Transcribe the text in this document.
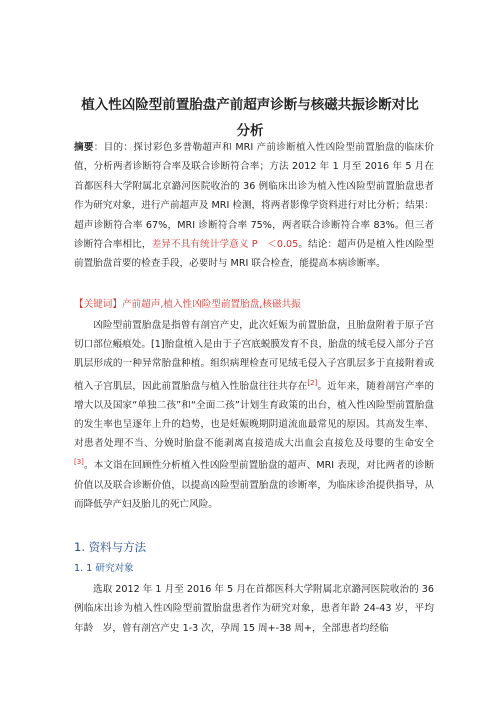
植入性凶险型前置胎盘产前超声诊断与核磁共振诊断对比
分析
摘要：目的：探讨彩色多普勒超声和 MRI 产前诊断植入性凶险型前置胎盘的临床价值，分析两者诊断符合率及联合诊断符合率；方法 2012 年 1 月至 2016 年 5 月在首都医科大学附属北京潞河医院收治的 36 例临床出诊为植入性凶险型前置胎盘患者作为研究对象，进行产前超声及 MRI 检测，将两者影像学资料进行对比分析；结果：超声诊断符合率 67%，MRI 诊断符合率 75%，两者联合诊断符合率 83%。但三者诊断符合率相比，差异不具有统计学意义 P　＜0.05。结论：超声仍是植入性凶险型前置胎盘首要的检查手段，必要时与 MRI 联合检查，能提高本病诊断率。
【关键词】产前超声,植入性凶险型前置胎盘,核磁共振
凶险型前置胎盘是指曾有剖宫产史，此次妊娠为前置胎盘，且胎盘附着于原子宫切口部位瘢痕处。[1]胎盘植入是由于子宫底蜕膜发育不良，胎盘的绒毛侵入部分子宫肌层形成的一种异常胎盘种植。组织病理检查可见绒毛侵入子宫肌层多于直接附着或植入子宫肌层，因此前置胎盘与植入性胎盘往往共存在[2]。近年来，随着剖宫产率的增大以及国家“单独二孩”和“全面二孩”计划生育政策的出台，植入性凶险型前置胎盘的发生率也呈逐年上升的趋势，也是妊娠晚期阴道流血最常见的原因。其高发生率、对患者处理不当、分娩时胎盘不能剥离直接造成大出血会直接危及母婴的生命安全[3]。本文诣在回顾性分析植入性凶险型前置胎盘的超声、MRI 表现，对比两者的诊断价值以及联合诊断价值，以提高凶险型前置胎盘的诊断率，为临床诊治提供指导，从而降低孕产妇及胎儿的死亡风险。
1. 资料与方法
1. 1 研究对象
选取 2012 年 1 月至 2016 年 5 月在首都医科大学附属北京潞河医院收治的 36 例临床出诊为植入性凶险型前置胎盘患者作为研究对象，患者年龄 24-43 岁，平均年龄　岁，曾有剖宫产史 1-3 次，孕周 15 周+-38 周+，全部患者均经临
